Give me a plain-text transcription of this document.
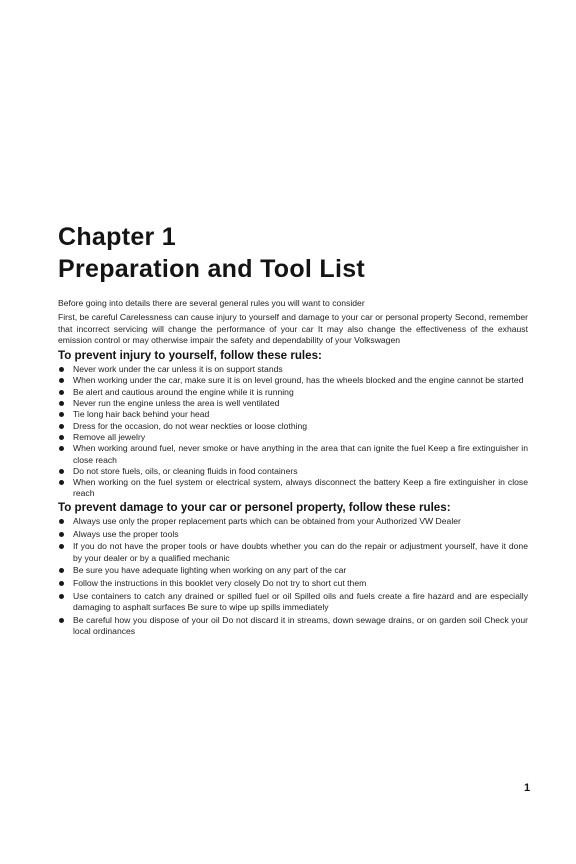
Chapter 1
Preparation and Tool List

Before going into details there are several general rules you will want to consider

First, be careful Carelessness can cause injury to yourself and damage to your car or personal property Second, remember that incorrect servicing will change the performance of your car It may also change the effectiveness of the exhaust emission control or may otherwise impair the safety and dependability of your Volkswagen

To prevent injury to yourself, follow these rules:
Never work under the car unless it is on support stands
When working under the car, make sure it is on level ground, has the wheels blocked and the engine cannot be started
Be alert and cautious around the engine while it is running
Never run the engine unless the area is well ventilated
Tie long hair back behind your head
Dress for the occasion, do not wear neckties or loose clothing
Remove all jewelry
When working around fuel, never smoke or have anything in the area that can ignite the fuel Keep a fire extinguisher in close reach
Do not store fuels, oils, or cleaning fluids in food containers
When working on the fuel system or electrical system, always disconnect the battery Keep a fire extinguisher in close reach
To prevent damage to your car or personel property, follow these rules:
Always use only the proper replacement parts which can be obtained from your Authorized VW Dealer
Always use the proper tools
If you do not have the proper tools or have doubts whether you can do the repair or adjustment yourself, have it done by your dealer or by a qualified mechanic
Be sure you have adequate lighting when working on any part of the car
Follow the instructions in this booklet very closely Do not try to short cut them
Use containers to catch any drained or spilled fuel or oil Spilled oils and fuels create a fire hazard and are especially damaging to asphalt surfaces Be sure to wipe up spills immediately
Be careful how you dispose of your oil Do not discard it in streams, down sewage drains, or on garden soil Check your local ordinances
1
